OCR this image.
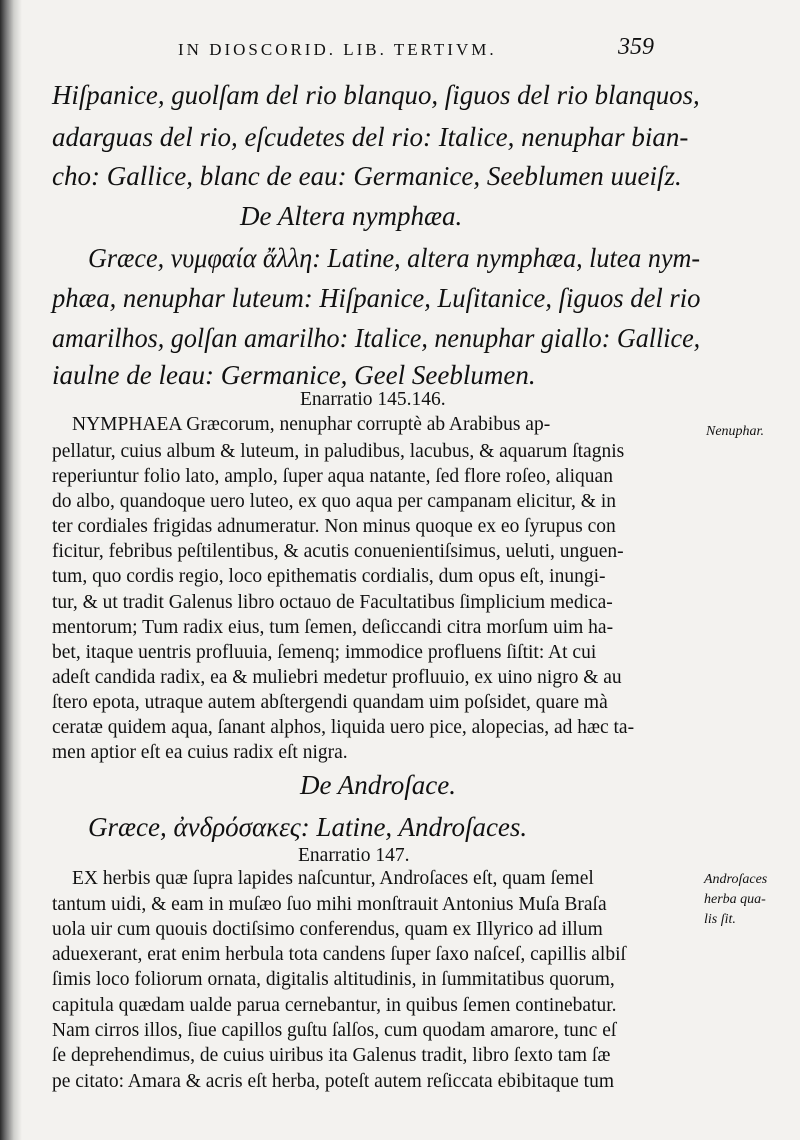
IN DIOSCORID. LIB. TERTIVM.	359
Hiſpanice, guolſam del rio blanquo, ſiguos del rio blanquos,
adarguas del rio, eſcudetes del rio: Italice, nenuphar bian-
cho: Gallice, blanc de eau: Germanice, Seeblumen uueiſz.
De Altera nymphæa.
Græce, νυμφαία ἄλλη: Latine, altera nymphæa, lutea nym-
phæa, nenuphar luteum: Hiſpanice, Luſitanice, ſiguos del rio
amarilhos, golſan amarilho: Italice, nenuphar giallo: Gallice,
iaulne de leau: Germanice, Geel Seeblumen.
Enarratio 145.146.
NYMPHAEA Græcorum, nenuphar corruptè ab Arabibus ap-
pellatur, cuius album & luteum, in paludibus, lacubus, & aquarum ſtagnis
reperiuntur folio lato, amplo, ſuper aqua natante, ſed flore roſeo, aliquan
do albo, quandoque uero luteo, ex quo aqua per campanam elicitur, & in
ter cordiales frigidas adnumeratur. Non minus quoque ex eo ſyrupus con
ficitur, febribus peſtilentibus, & acutis conuenientiſsimus, ueluti, unguen-
tum, quo cordis regio, loco epithematis cordialis, dum opus eſt, inungi-
tur, & ut tradit Galenus libro octauo de Facultatibus ſimplicium medica-
mentorum; Tum radix eius, tum ſemen, deſiccandi citra morſum uim ha-
bet, itaque uentris profluuia, ſemenq; immodice profluens ſiſtit: At cui
adeſt candida radix, ea & muliebri medetur profluuio, ex uino nigro & au
ſtero epota, utraque autem abſtergendi quandam uim poſsidet, quare mà
ceratæ quidem aqua, ſanant alphos, liquida uero pice, alopecias, ad hæc ta-
men aptior eſt ea cuius radix eſt nigra.
De Androſace.
Græce, ἀνδρόσακες: Latine, Androſaces.
Enarratio 147.
EX herbis quæ ſupra lapides naſcuntur, Androſaces eſt, quam ſemel
tantum uidi, & eam in muſæo ſuo mihi monſtrauit Antonius Muſa Braſa
uola uir cum quouis doctiſsimo conferendus, quam ex Illyrico ad illum
aduexerant, erat enim herbula tota candens ſuper ſaxo naſceſ, capillis albiſ
ſimis loco foliorum ornata, digitalis altitudinis, in ſummitatibus quorum,
capitula quædam ualde parua cernebantur, in quibus ſemen continebatur.
Nam cirros illos, ſiue capillos guſtu ſalſos, cum quodam amarore, tunc eſ
ſe deprehendimus, de cuius uiribus ita Galenus tradit, libro ſexto tam ſæ
pe citato: Amara & acris eſt herba, poteſt autem reſiccata ebibitaque tum
Nenuphar.
Androſaces
herba qua-
lis ſit.
